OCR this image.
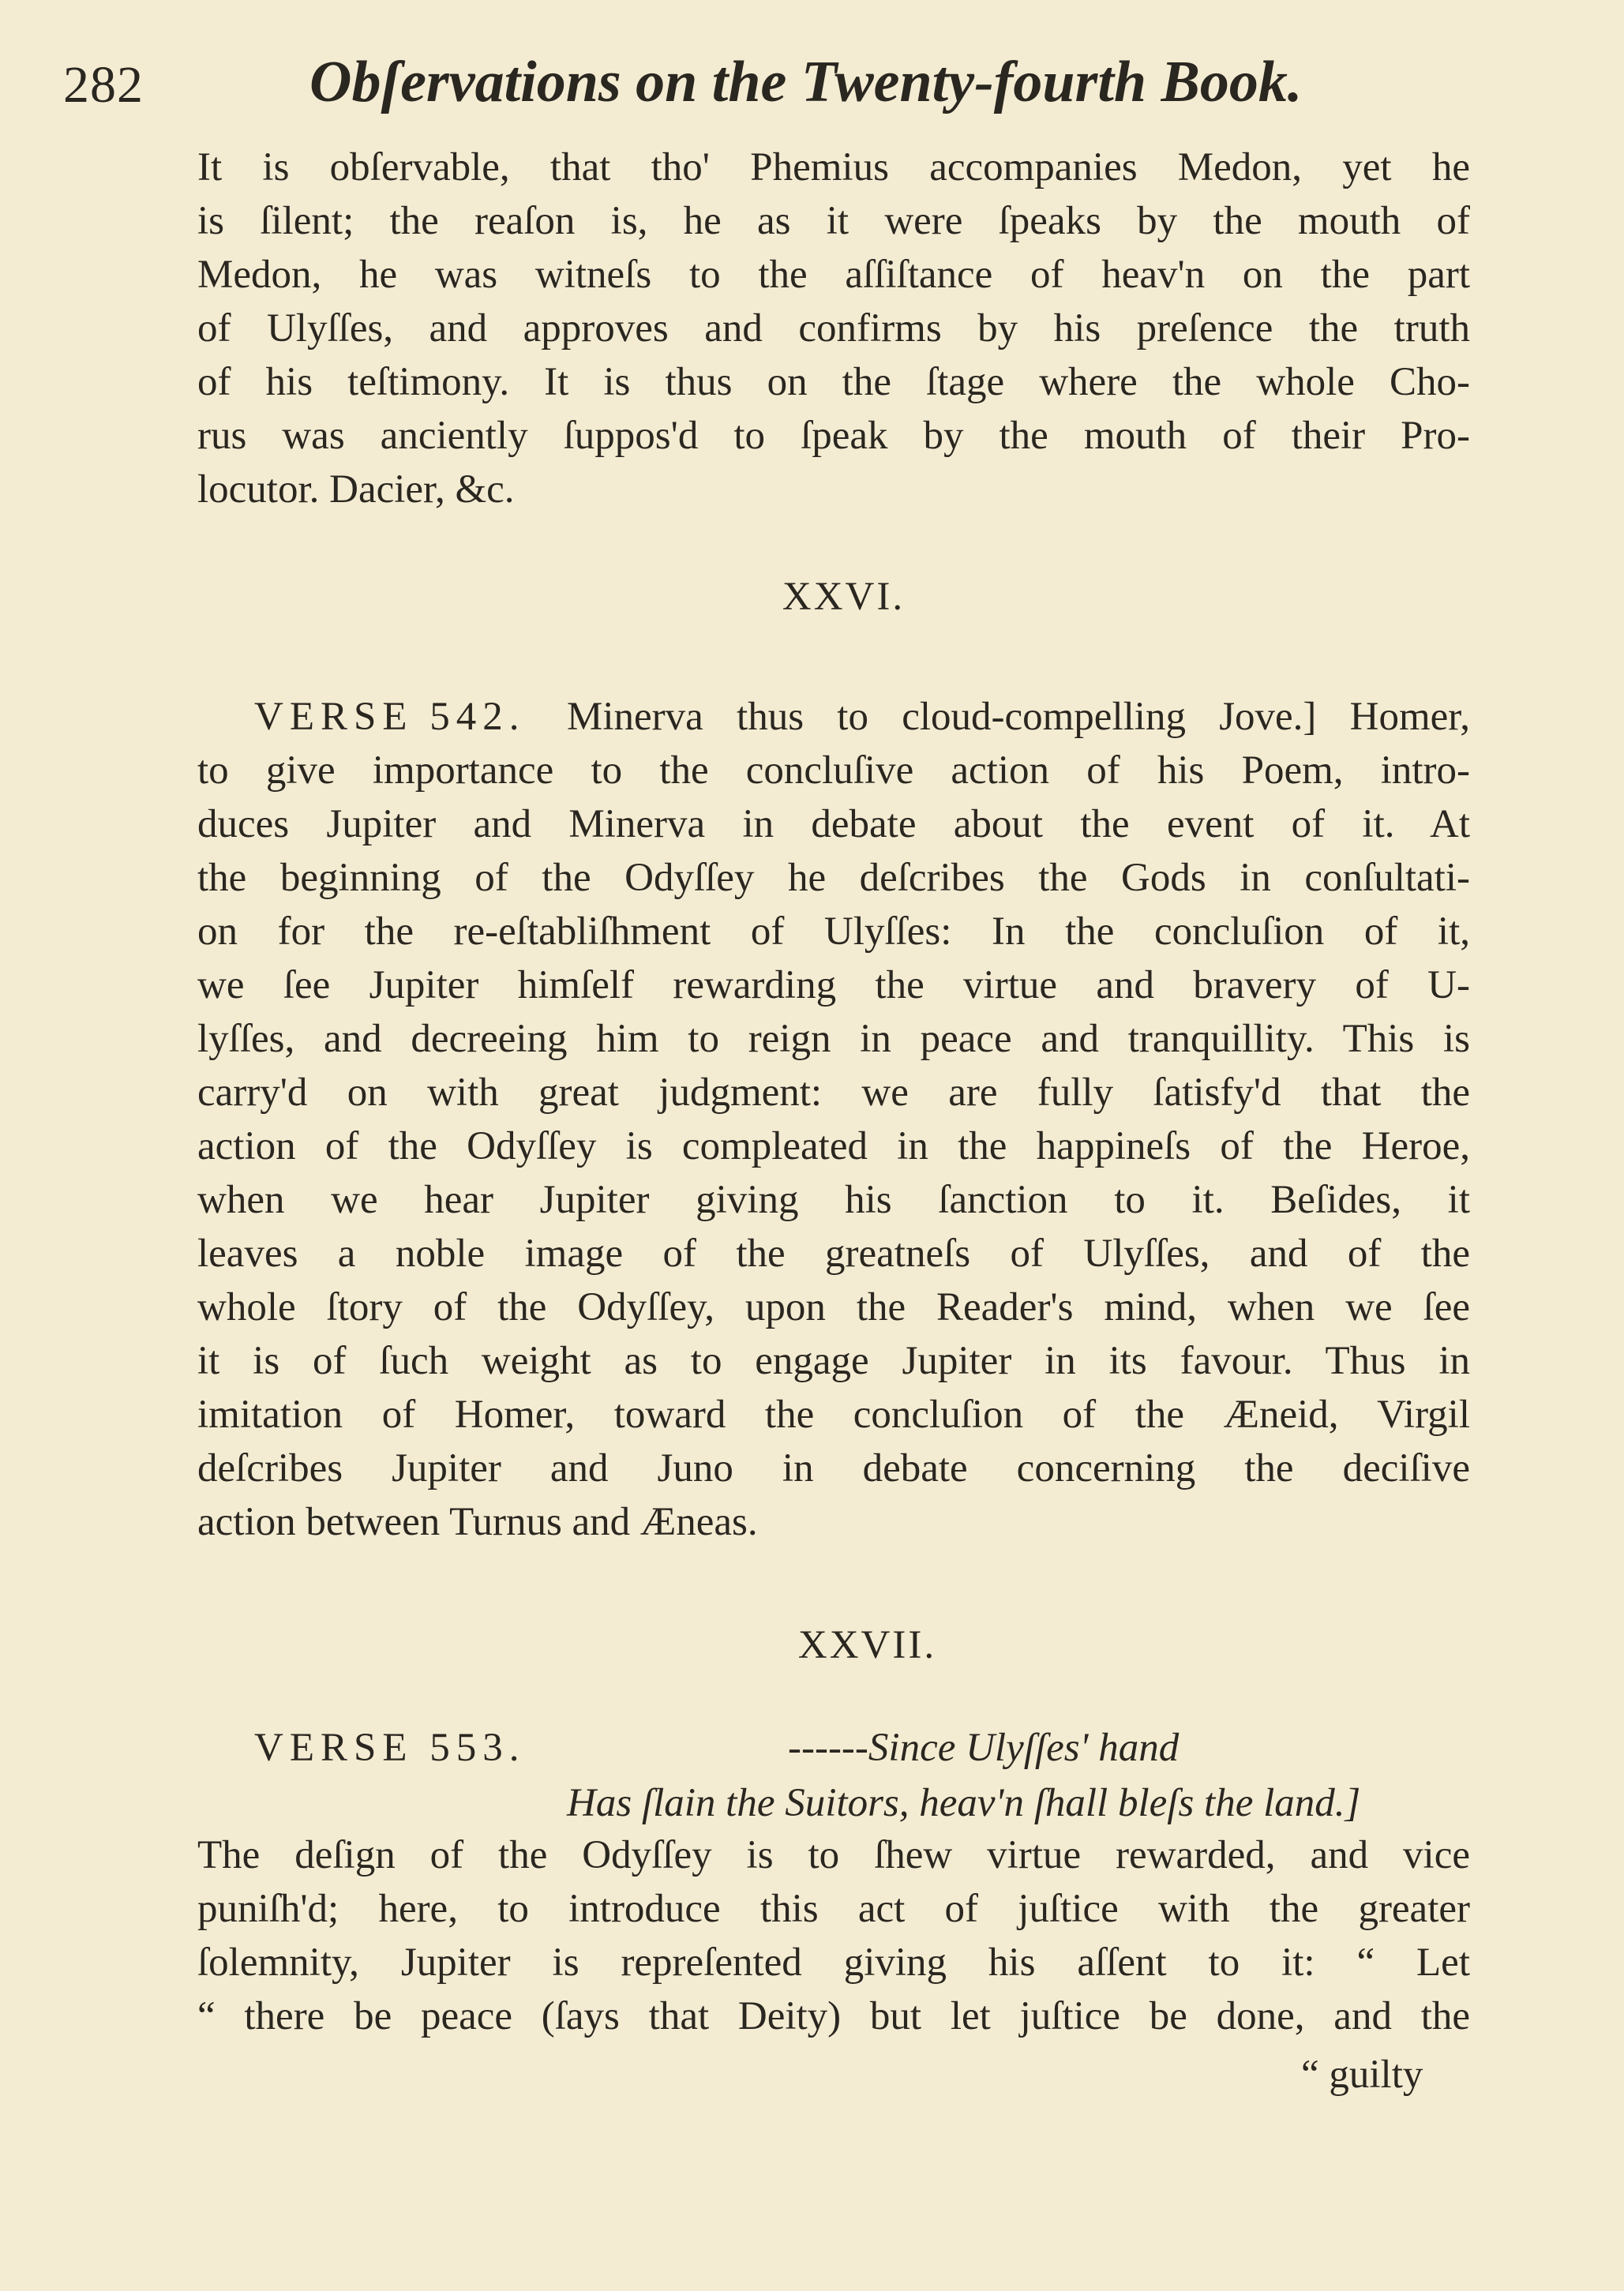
282	Obſervations on the Twenty-fourth Book.
It is obſervable, that tho' Phemius accompanies Medon, yet he
is ſilent; the reaſon is, he as it were ſpeaks by the mouth of
Medon, he was witneſs to the aſſiſtance of heav'n on the part
of Ulyſſes, and approves and confirms by his preſence the truth
of his teſtimony. It is thus on the ſtage where the whole Cho-
rus was anciently ſuppos'd to ſpeak by the mouth of their Pro-
locutor. Dacier, &c.
XXVI.
VERSE 542. Minerva thus to cloud-compelling Jove.] Homer,
to give importance to the concluſive action of his Poem, intro-
duces Jupiter and Minerva in debate about the event of it. At
the beginning of the Odyſſey he deſcribes the Gods in conſultati-
on for the re-eſtabliſhment of Ulyſſes: In the concluſion of it,
we ſee Jupiter himſelf rewarding the virtue and bravery of U-
lyſſes, and decreeing him to reign in peace and tranquillity. This is
carry'd on with great judgment: we are fully ſatisfy'd that the
action of the Odyſſey is compleated in the happineſs of the Heroe,
when we hear Jupiter giving his ſanction to it. Beſides, it
leaves a noble image of the greatneſs of Ulyſſes, and of the
whole ſtory of the Odyſſey, upon the Reader's mind, when we ſee
it is of ſuch weight as to engage Jupiter in its favour. Thus in
imitation of Homer, toward the concluſion of the Æneid, Virgil
deſcribes Jupiter and Juno in debate concerning the deciſive
action between Turnus and Æneas.
XXVII.
VERSE 553.	------Since Ulyſſes' hand
Has ſlain the Suitors, heav'n ſhall bleſs the land.]
The deſign of the Odyſſey is to ſhew virtue rewarded, and vice
puniſh'd; here, to introduce this act of juſtice with the greater
ſolemnity, Jupiter is repreſented giving his aſſent to it: “ Let
“ there be peace (ſays that Deity) but let juſtice be done, and the
“ guilty
